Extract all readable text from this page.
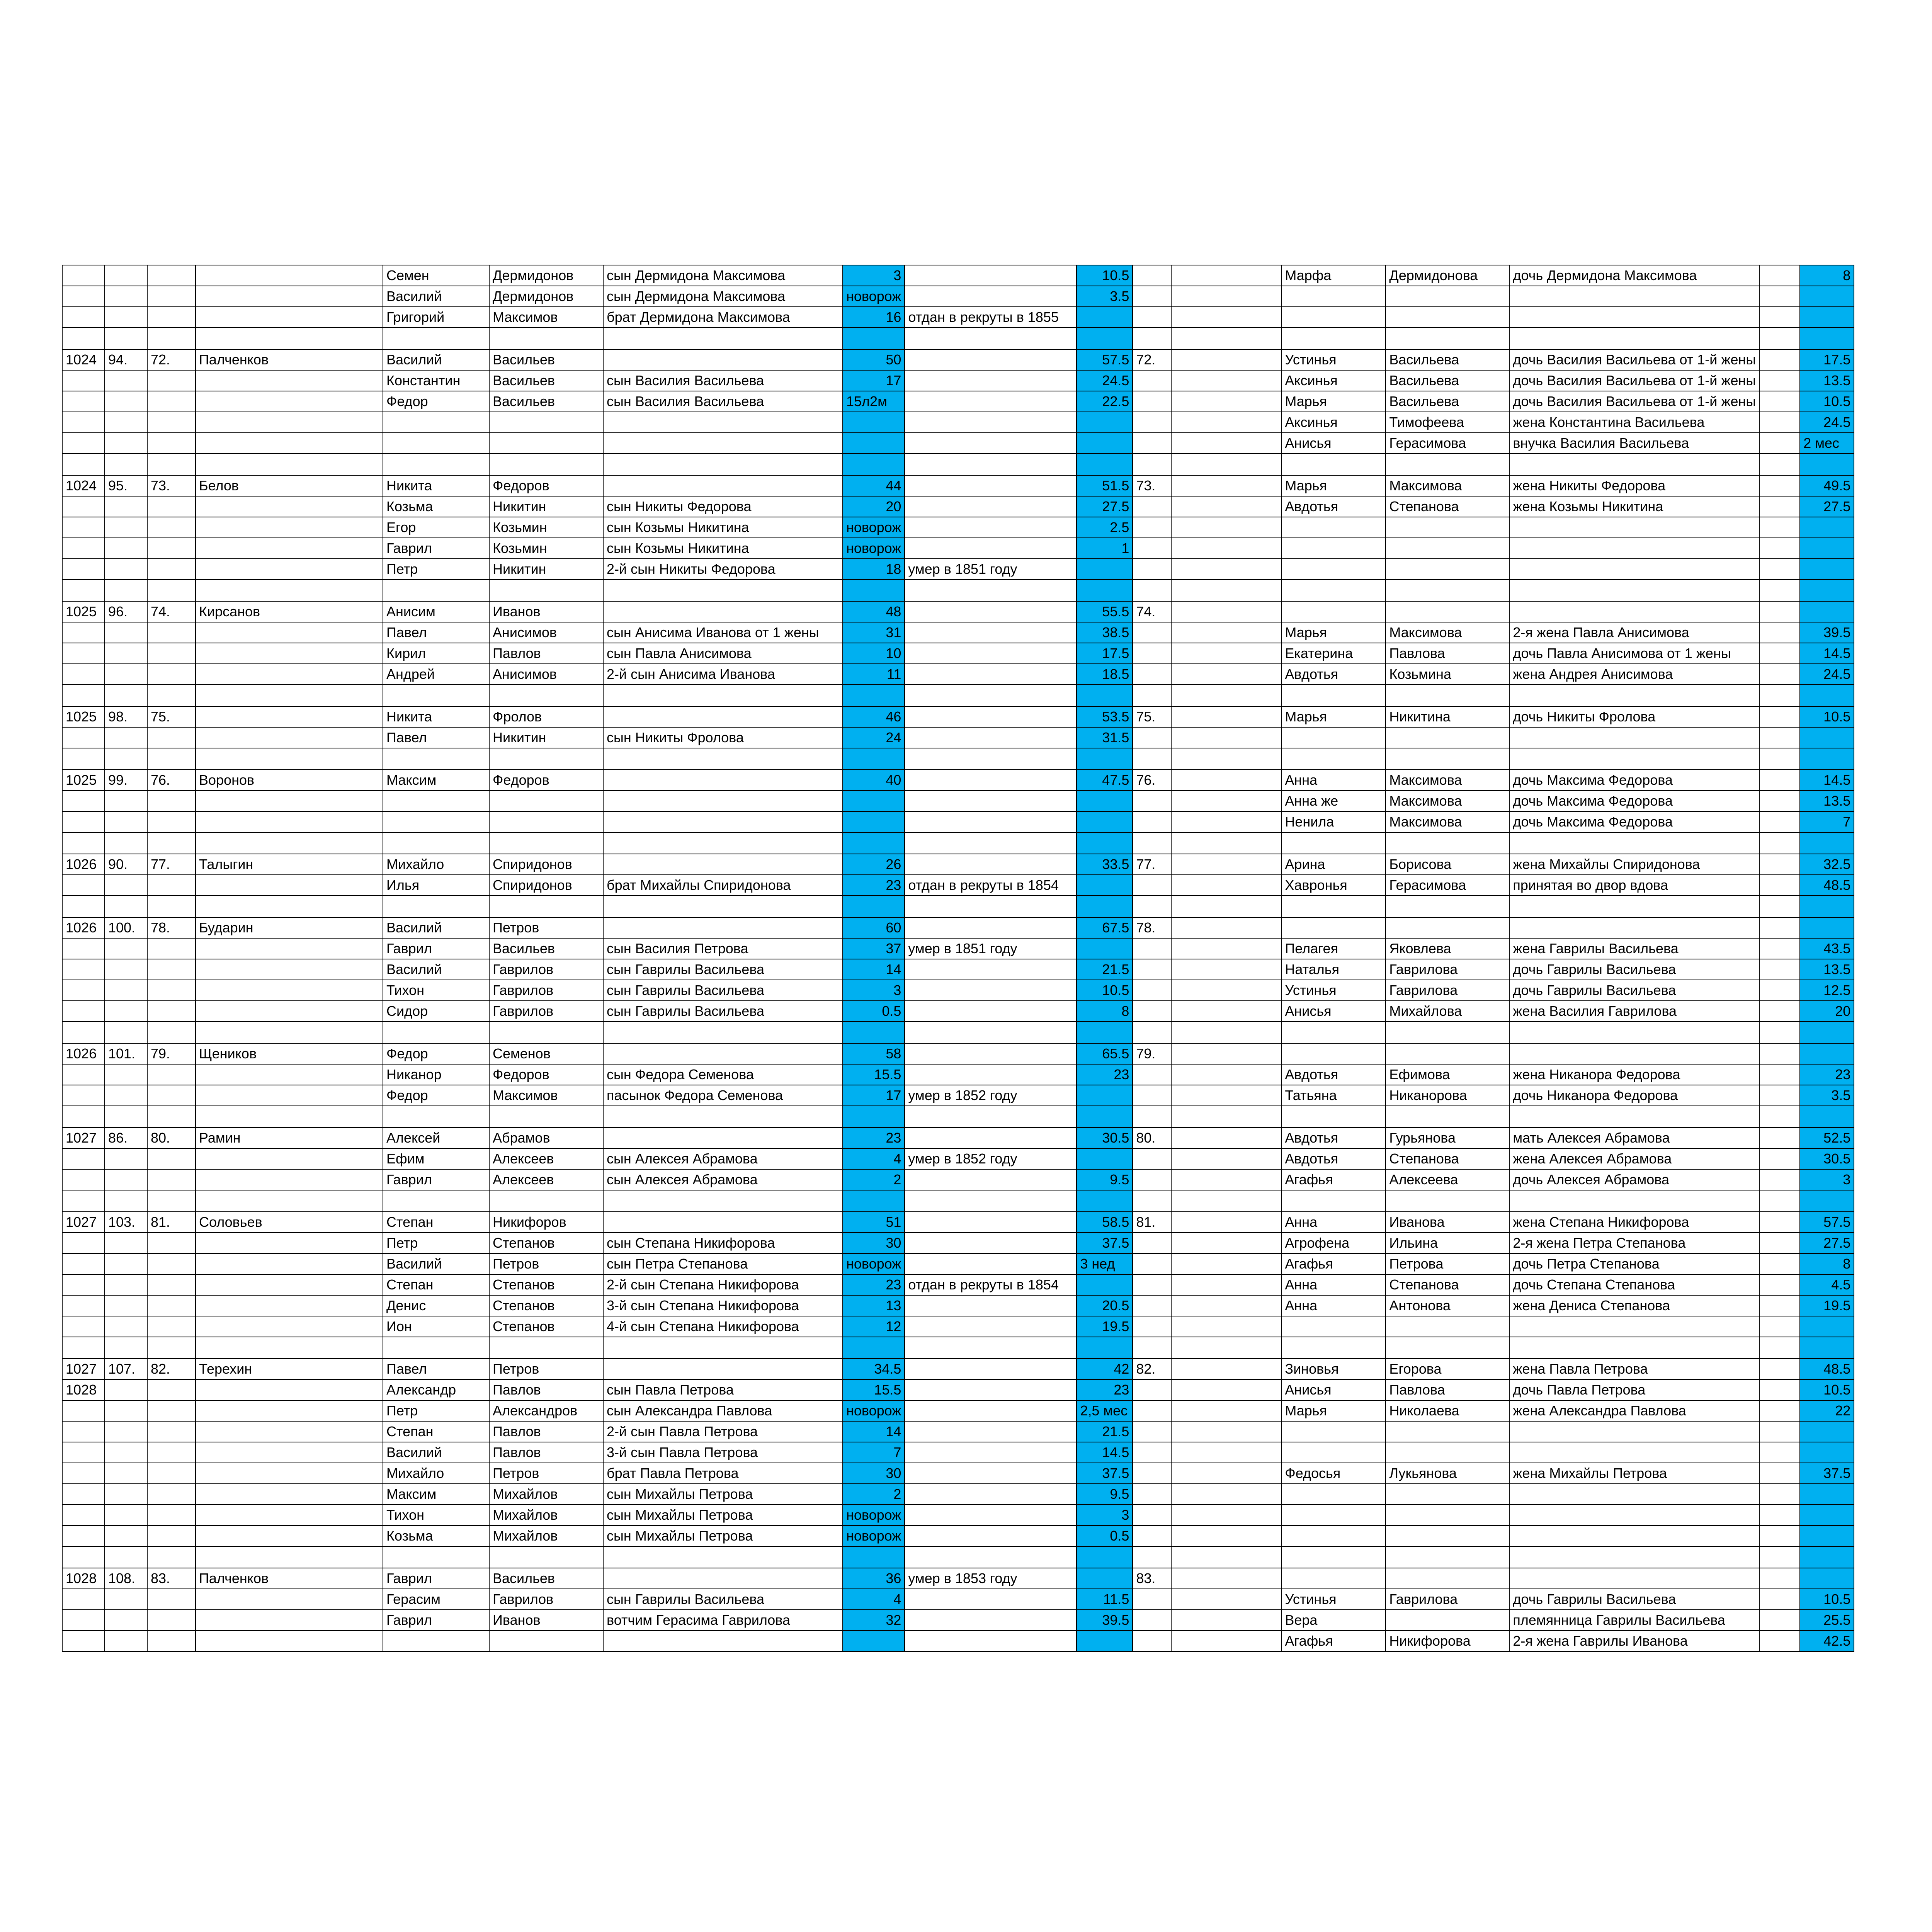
				Семен	Дермидонов	сын Дермидона Максимова	3		10.5			Марфа	Дермидонова	дочь Дермидона Максимова		8
				Василий	Дермидонов	сын Дермидона Максимова	новорож		3.5							
				Григорий	Максимов	брат Дермидона Максимова	16	отдан в рекруты в 1855								

1024	94.	72.	Палченков	Василий	Васильев		50		57.5	72.		Устинья	Васильева	дочь Василия Васильева от 1-й жены		17.5
				Константин	Васильев	сын Василия Васильева	17		24.5			Аксинья	Васильева	дочь Василия Васильева от 1-й жены		13.5
				Федор	Васильев	сын Василия Васильева	15л2м		22.5			Марья	Васильева	дочь Василия Васильева от 1-й жены		10.5
												Аксинья	Тимофеева	жена Константина Васильева		24.5
												Анисья	Герасимова	внучка Василия Васильева		2 мес

1024	95.	73.	Белов	Никита	Федоров		44		51.5	73.		Марья	Максимова	жена Никиты Федорова		49.5
				Козьма	Никитин	сын Никиты Федорова	20		27.5			Авдотья	Степанова	жена Козьмы Никитина		27.5
				Егор	Козьмин	сын Козьмы Никитина	новорож		2.5							
				Гаврил	Козьмин	сын Козьмы Никитина	новорож		1							
				Петр	Никитин	2-й сын Никиты Федорова	18	умер в 1851 году								

1025	96.	74.	Кирсанов	Анисим	Иванов		48		55.5	74.						
				Павел	Анисимов	сын Анисима Иванова от 1 жены	31		38.5			Марья	Максимова	2-я жена Павла Анисимова		39.5
				Кирил	Павлов	сын Павла Анисимова	10		17.5			Екатерина	Павлова	дочь Павла Анисимова от 1 жены		14.5
				Андрей	Анисимов	2-й сын Анисима Иванова	11		18.5			Авдотья	Козьмина	жена Андрея Анисимова		24.5

1025	98.	75.		Никита	Фролов		46		53.5	75.		Марья	Никитина	дочь Никиты Фролова		10.5
				Павел	Никитин	сын Никиты Фролова	24		31.5							

1025	99.	76.	Воронов	Максим	Федоров		40		47.5	76.		Анна	Максимова	дочь Максима Федорова		14.5
												Анна же	Максимова	дочь Максима Федорова		13.5
												Ненила	Максимова	дочь Максима Федорова		7

1026	90.	77.	Талыгин	Михайло	Спиридонов		26		33.5	77.		Арина	Борисова	жена Михайлы Спиридонова		32.5
				Илья	Спиридонов	брат Михайлы Спиридонова	23	отдан в рекруты в 1854				Хавронья	Герасимова	принятая во двор вдова		48.5

1026	100.	78.	Бударин	Василий	Петров		60		67.5	78.						
				Гаврил	Васильев	сын Василия Петрова	37	умер в 1851 году				Пелагея	Яковлева	жена Гаврилы Васильева		43.5
				Василий	Гаврилов	сын Гаврилы Васильева	14		21.5			Наталья	Гаврилова	дочь Гаврилы Васильева		13.5
				Тихон	Гаврилов	сын Гаврилы Васильева	3		10.5			Устинья	Гаврилова	дочь Гаврилы Васильева		12.5
				Сидор	Гаврилов	сын Гаврилы Васильева	0.5		8			Анисья	Михайлова	жена Василия Гаврилова		20

1026	101.	79.	Щеников	Федор	Семенов		58		65.5	79.						
				Никанор	Федоров	сын Федора Семенова	15.5		23			Авдотья	Ефимова	жена Никанора Федорова		23
				Федор	Максимов	пасынок Федора Семенова	17	умер в 1852 году				Татьяна	Никанорова	дочь Никанора Федорова		3.5

1027	86.	80.	Рамин	Алексей	Абрамов		23		30.5	80.		Авдотья	Гурьянова	мать Алексея Абрамова		52.5
				Ефим	Алексеев	сын Алексея Абрамова	4	умер в 1852 году				Авдотья	Степанова	жена Алексея Абрамова		30.5
				Гаврил	Алексеев	сын Алексея Абрамова	2		9.5			Агафья	Алексеева	дочь Алексея Абрамова		3

1027	103.	81.	Соловьев	Степан	Никифоров		51		58.5	81.		Анна	Иванова	жена Степана Никифорова		57.5
				Петр	Степанов	сын Степана Никифорова	30		37.5			Агрофена	Ильина	2-я жена Петра Степанова		27.5
				Василий	Петров	сын Петра Степанова	новорож		3 нед			Агафья	Петрова	дочь Петра Степанова		8
				Степан	Степанов	2-й сын Степана Никифорова	23	отдан в рекруты в 1854				Анна	Степанова	дочь Степана Степанова		4.5
				Денис	Степанов	3-й сын Степана Никифорова	13		20.5			Анна	Антонова	жена Дениса Степанова		19.5
				Ион	Степанов	4-й сын Степана Никифорова	12		19.5							

1027	107.	82.	Терехин	Павел	Петров		34.5		42	82.		Зиновья	Егорова	жена Павла Петрова		48.5
1028				Александр	Павлов	сын Павла Петрова	15.5		23			Анисья	Павлова	дочь Павла Петрова		10.5
				Петр	Александров	сын Александра Павлова	новорож		2,5 мес			Марья	Николаева	жена Александра Павлова		22
				Степан	Павлов	2-й сын Павла Петрова	14		21.5							
				Василий	Павлов	3-й сын Павла Петрова	7		14.5							
				Михайло	Петров	брат Павла Петрова	30		37.5			Федосья	Лукьянова	жена Михайлы Петрова		37.5
				Максим	Михайлов	сын Михайлы Петрова	2		9.5							
				Тихон	Михайлов	сын Михайлы Петрова	новорож		3							
				Козьма	Михайлов	сын Михайлы Петрова	новорож		0.5							

1028	108.	83.	Палченков	Гаврил	Васильев		36	умер в 1853 году		83.						
				Герасим	Гаврилов	сын Гаврилы Васильева	4		11.5			Устинья	Гаврилова	дочь Гаврилы Васильева		10.5
				Гаврил	Иванов	вотчим Герасима Гаврилова	32		39.5			Вера		племянница Гаврилы Васильева		25.5
												Агафья	Никифорова	2-я жена Гаврилы Иванова		42.5
